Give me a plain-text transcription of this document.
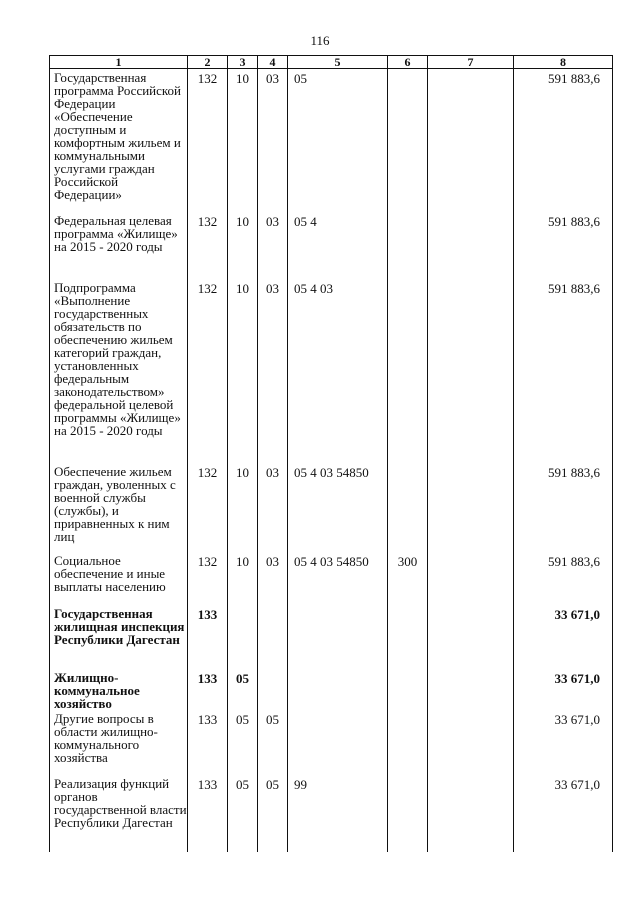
116
1	2	3	4	5	6	7	8
Государственная программа Российской Федерации «Обеспечение доступным и комфортным жильем и коммунальными услугами граждан Российской Федерации»	132	10	03	05			591 883,6
Федеральная целевая программа «Жилище» на 2015 - 2020 годы	132	10	03	05 4			591 883,6
Подпрограмма «Выполнение государственных обязательств по обеспечению жильем категорий граждан, установленных федеральным законодательством» федеральной целевой программы «Жилище» на 2015 - 2020 годы	132	10	03	05 4 03			591 883,6
Обеспечение жильем граждан, уволенных с военной службы (службы), и приравненных к ним лиц	132	10	03	05 4 03 54850			591 883,6
Социальное обеспечение и иные выплаты населению	132	10	03	05 4 03 54850	300		591 883,6
Государственная жилищная инспекция Республики Дагестан	133						33 671,0
Жилищно-коммунальное хозяйство	133	05					33 671,0
Другие вопросы в области жилищно-коммунального хозяйства	133	05	05				33 671,0
Реализация функций органов государственной власти Республики Дагестан	133	05	05	99			33 671,0
